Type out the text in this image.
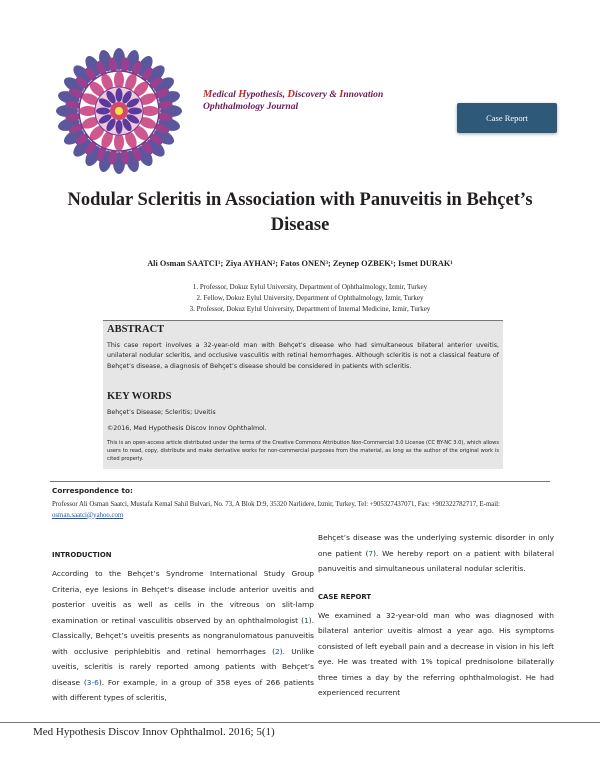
Medical Hypothesis, Discovery & Innovation
Ophthalmology Journal
Case Report
Nodular Scleritis in Association with Panuveitis in Behçet’s Disease
Ali Osman SAATCI¹; Ziya AYHAN²; Fatos ONEN³; Zeynep OZBEK¹; Ismet DURAK¹
1. Professor, Dokuz Eylul University, Department of Ophthalmology, Izmir, Turkey
2. Fellow, Dokuz Eylul University, Department of Ophthalmology, Izmir, Turkey
3. Professor, Dokuz Eylul University, Department of Internal Medicine, Izmir, Turkey
ABSTRACT

This case report involves a 32-year-old man with Behçet’s disease who had simultaneous bilateral anterior uveitis, unilateral nodular scleritis, and occlusive vasculitis with retinal hemorrhages. Although scleritis is not a classical feature of Behçet’s disease, a diagnosis of Behçet’s disease should be considered in patients with scleritis.

KEY WORDS

Behçet’s Disease; Scleritis; Uveitis

©2016, Med Hypothesis Discov Innov Ophthalmol.

This is an open-access article distributed under the terms of the Creative Commons Attribution Non-Commercial 3.0 License (CC BY-NC 3.0), which allows users to read, copy, distribute and make derivative works for non-commercial purposes from the material, as long as the author of the original work is cited properly.

Correspondence to:

Professor Ali Osman Saatci, Mustafa Kemal Sahil Bulvari, No. 73, A Blok D:9, 35320 Narlidere, Izmir, Turkey, Tel: +905327437071, Fax: +902322782717, E-mail: osman.saatci@yahoo.com

INTRODUCTION

According to the Behçet’s Syndrome International Study Group Criteria, eye lesions in Behçet’s disease include anterior uveitis and posterior uveitis as well as cells in the vitreous on slit-lamp examination or retinal vasculitis observed by an ophthalmologist (1). Classically, Behçet’s uveitis presents as nongranulomatous panuveitis with occlusive periphlebitis and retinal hemorrhages (2). Unlike uveitis, scleritis is rarely reported among patients with Behçet’s disease (3-6). For example, in a group of 358 eyes of 266 patients with different types of scleritis,

Behçet’s disease was the underlying systemic disorder in only one patient (7). We hereby report on a patient with bilateral panuveitis and simultaneous unilateral nodular scleritis.

CASE REPORT

We examined a 32-year-old man who was diagnosed with bilateral anterior uveitis almost a year ago. His symptoms consisted of left eyeball pain and a decrease in vision in his left eye. He was treated with 1% topical prednisolone bilaterally three times a day by the referring ophthalmologist. He had experienced recurrent

Med Hypothesis Discov Innov Ophthalmol. 2016; 5(1)
